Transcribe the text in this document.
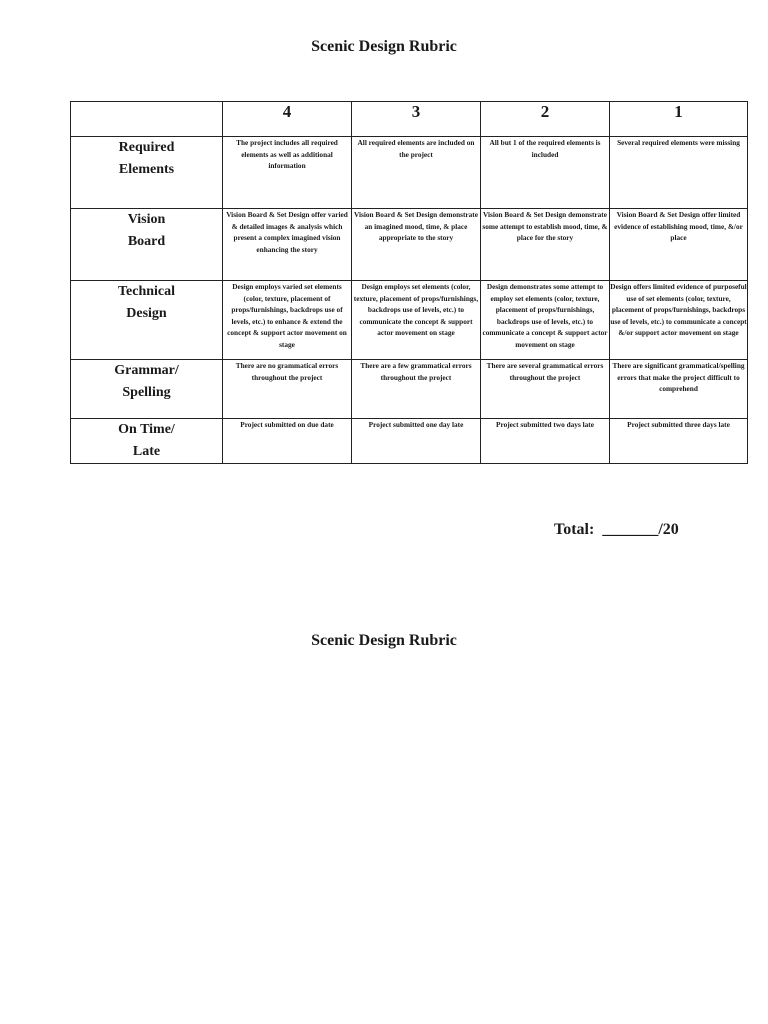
Scenic Design Rubric
	4	3	2	1
Required
Elements	The project includes all required elements as well as additional information	All required elements are included on the project	All but 1 of the required elements is included	Several required elements were missing
Vision
Board	Vision Board & Set Design offer varied & detailed images & analysis which present a complex imagined vision enhancing the story	Vision Board & Set Design demonstrate an imagined mood, time, & place appropriate to the story	Vision Board & Set Design demonstrate some attempt to establish mood, time, & place for the story	Vision Board & Set Design offer limited evidence of establishing mood, time, &/or place
Technical
Design	Design employs varied set elements (color, texture, placement of props/furnishings, backdrops use of levels, etc.) to enhance & extend the concept & support actor movement on stage	Design employs set elements (color, texture, placement of props/furnishings, backdrops use of levels, etc.) to communicate the concept & support actor movement on stage	Design demonstrates some attempt to employ set elements (color, texture, placement of props/furnishings, backdrops use of levels, etc.) to communicate a concept & support actor movement on stage	Design offers limited evidence of purposeful use of set elements (color, texture, placement of props/furnishings, backdrops use of levels, etc.) to communicate a concept &/or support actor movement on stage
Grammar/
Spelling	There are no grammatical errors throughout the project	There are a few grammatical errors throughout the project	There are several grammatical errors throughout the project	There are significant grammatical/spelling errors that make the project difficult to comprehend
On Time/
Late	Project submitted on due date	Project submitted one day late	Project submitted two days late	Project submitted three days late
Total: _______/20
Scenic Design Rubric
